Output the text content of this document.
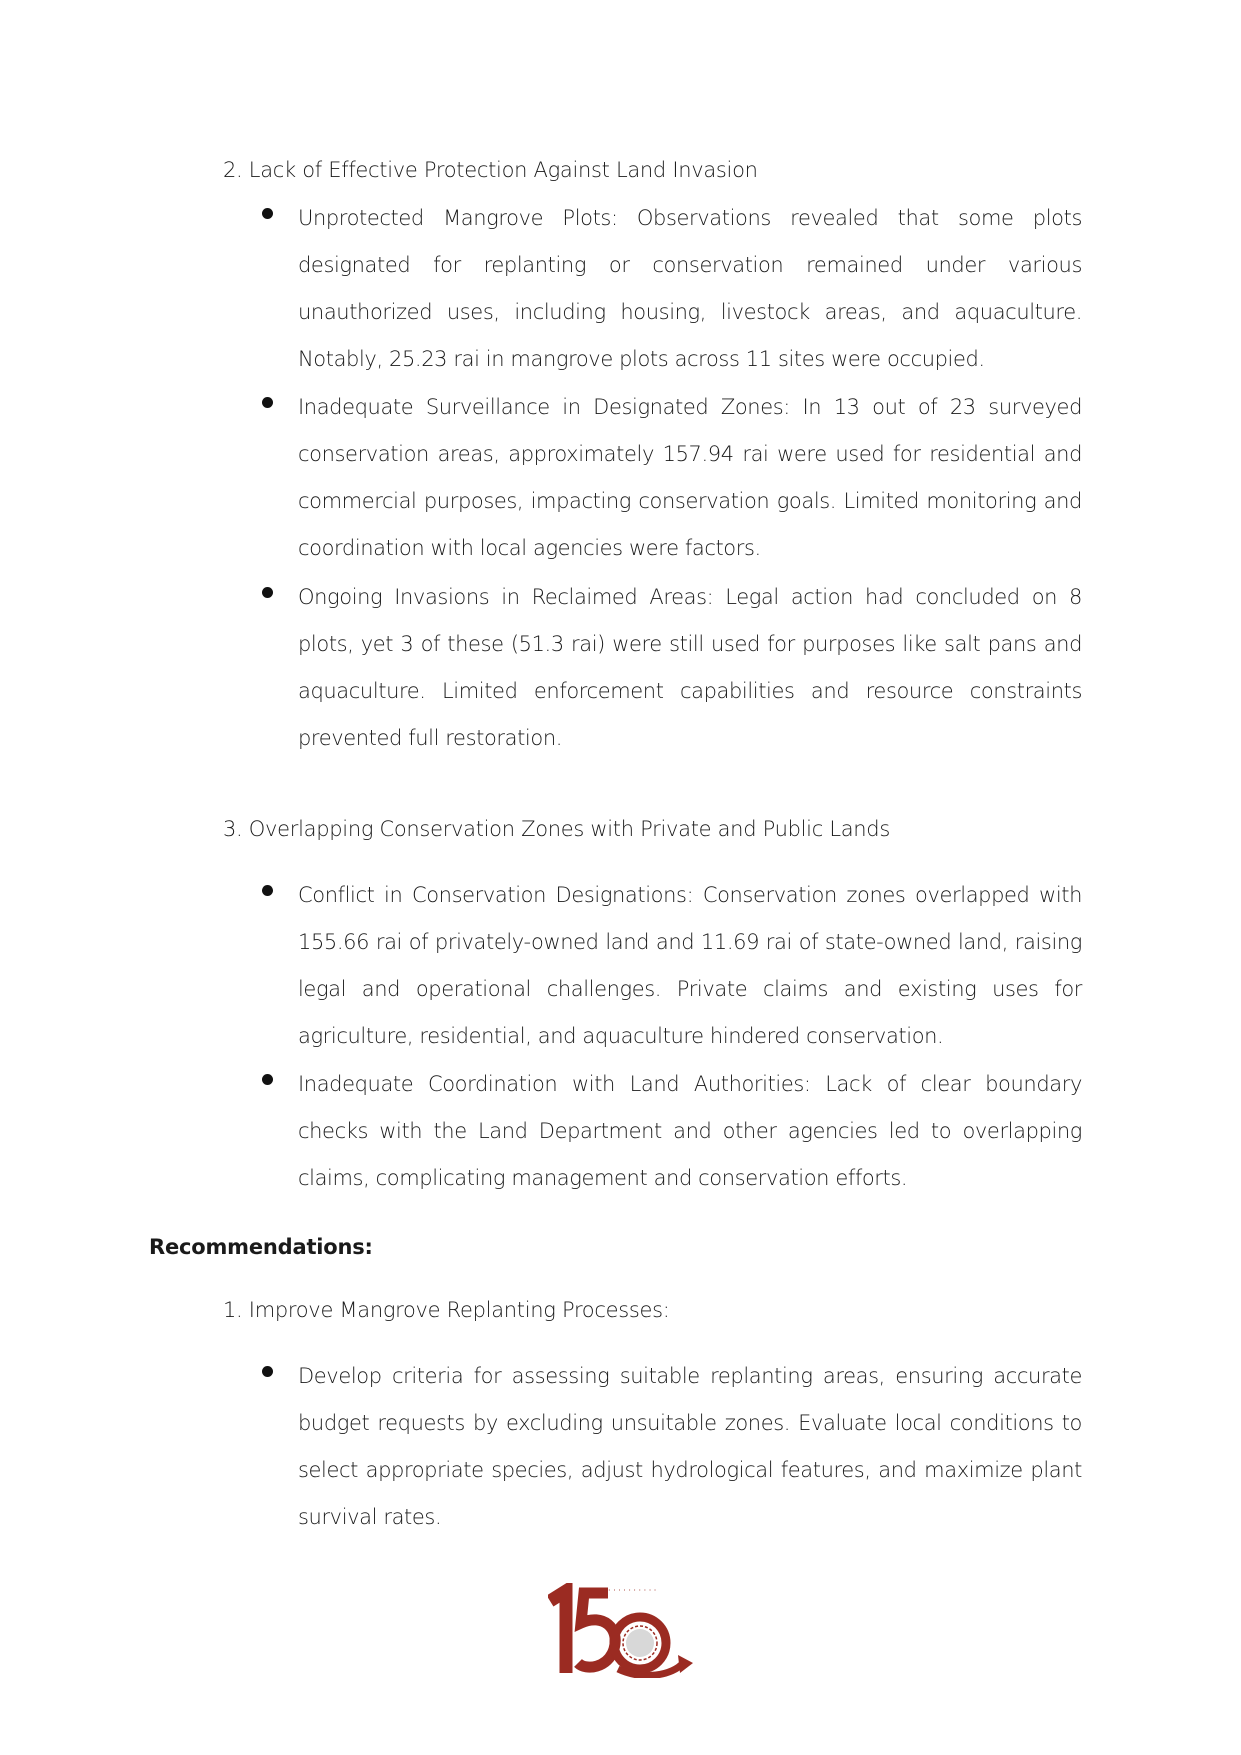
2. Lack of Effective Protection Against Land Invasion
Unprotected Mangrove Plots: Observations revealed that some plots designated for replanting or conservation remained under various unauthorized uses, including housing, livestock areas, and aquaculture. Notably, 25.23 rai in mangrove plots across 11 sites were occupied.
Inadequate Surveillance in Designated Zones: In 13 out of 23 surveyed conservation areas, approximately 157.94 rai were used for residential and commercial purposes, impacting conservation goals. Limited monitoring and coordination with local agencies were factors.
Ongoing Invasions in Reclaimed Areas: Legal action had concluded on 8 plots, yet 3 of these (51.3 rai) were still used for purposes like salt pans and aquaculture. Limited enforcement capabilities and resource constraints prevented full restoration.
3. Overlapping Conservation Zones with Private and Public Lands
Conflict in Conservation Designations: Conservation zones overlapped with 155.66 rai of privately-owned land and 11.69 rai of state-owned land, raising legal and operational challenges. Private claims and existing uses for agriculture, residential, and aquaculture hindered conservation.
Inadequate Coordination with Land Authorities: Lack of clear boundary checks with the Land Department and other agencies led to overlapping claims, complicating management and conservation efforts.
Recommendations:
1. Improve Mangrove Replanting Processes:
Develop criteria for assessing suitable replanting areas, ensuring accurate budget requests by excluding unsuitable zones. Evaluate local conditions to select appropriate species, adjust hydrological features, and maximize plant survival rates.
· · · · · · · · · ·
